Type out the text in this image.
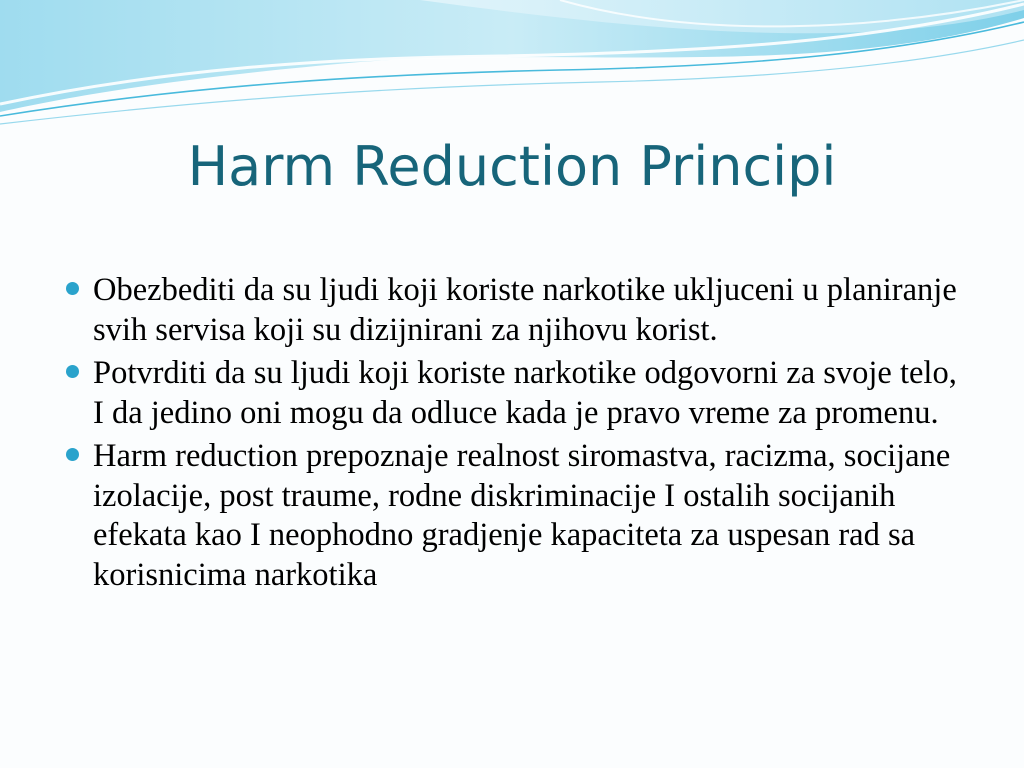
Harm Reduction Principi
Obezbediti da su ljudi koji koriste narkotike ukljuceni u planiranje svih servisa koji su dizijnirani za njihovu korist.
Potvrditi da su ljudi koji koriste narkotike odgovorni za svoje telo, I da jedino oni mogu da odluce kada je pravo vreme za promenu.
Harm reduction prepoznaje realnost siromastva, racizma, socijane izolacije, post traume, rodne diskriminacije I ostalih socijanih efekata kao I neophodno gradjenje kapaciteta za uspesan rad sa korisnicima narkotika
